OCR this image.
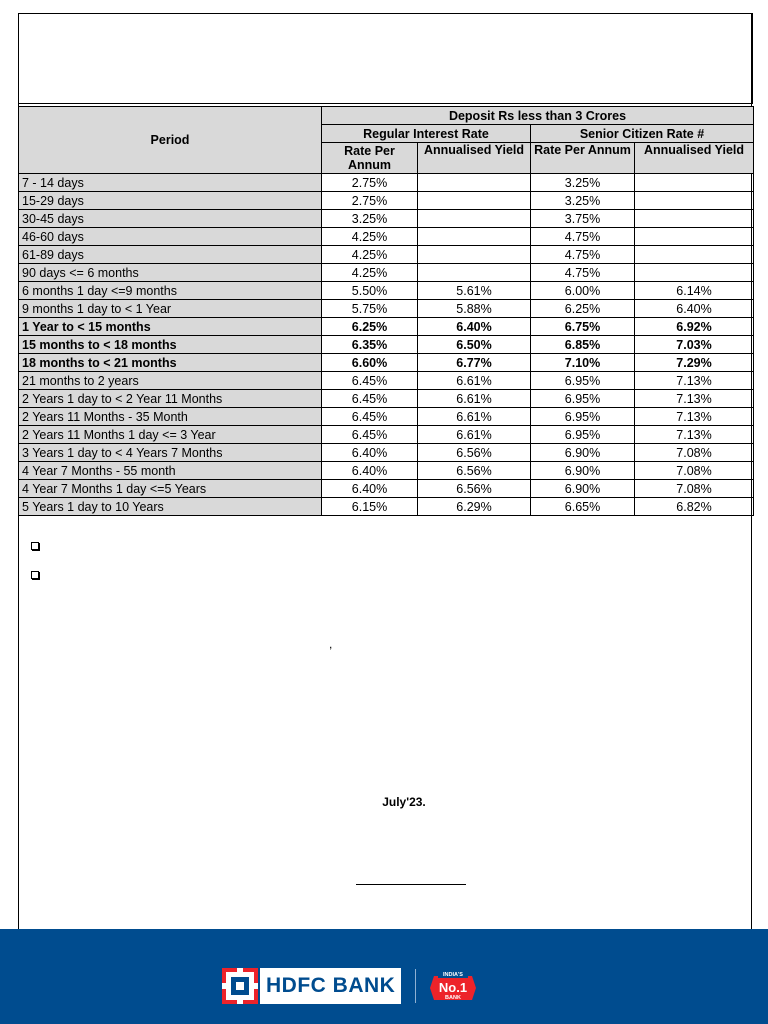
Period	Deposit Rs less than 3 Crores			
	Regular Interest Rate		Senior Citizen Rate #	
	Rate Per Annum	Annualised Yield	Rate Per Annum	Annualised Yield
7 - 14 days	2.75%		3.25%	
15-29 days	2.75%		3.25%	
30-45 days	3.25%		3.75%	
46-60 days	4.25%		4.75%	
61-89 days	4.25%		4.75%	
90 days <= 6 months	4.25%		4.75%	
6 months 1 day <=9 months	5.50%	5.61%	6.00%	6.14%
9 months 1 day to < 1 Year	5.75%	5.88%	6.25%	6.40%
1 Year to < 15 months	6.25%	6.40%	6.75%	6.92%
15 months to < 18 months	6.35%	6.50%	6.85%	7.03%
18 months to < 21 months	6.60%	6.77%	7.10%	7.29%
21 months to 2 years	6.45%	6.61%	6.95%	7.13%
2 Years 1 day to < 2 Year 11 Months	6.45%	6.61%	6.95%	7.13%
2 Years 11 Months - 35 Month	6.45%	6.61%	6.95%	7.13%
2 Years 11 Months 1 day <= 3 Year	6.45%	6.61%	6.95%	7.13%
3 Years 1 day to < 4 Years 7 Months	6.40%	6.56%	6.90%	7.08%
4 Year 7 Months - 55 month	6.40%	6.56%	6.90%	7.08%
4 Year 7 Months 1 day <=5 Years	6.40%	6.56%	6.90%	7.08%
5 Years 1 day to 10 Years	6.15%	6.29%	6.65%	6.82%
,
July'23.
HDFC BANK	INDIA'S
No.1
BANK
